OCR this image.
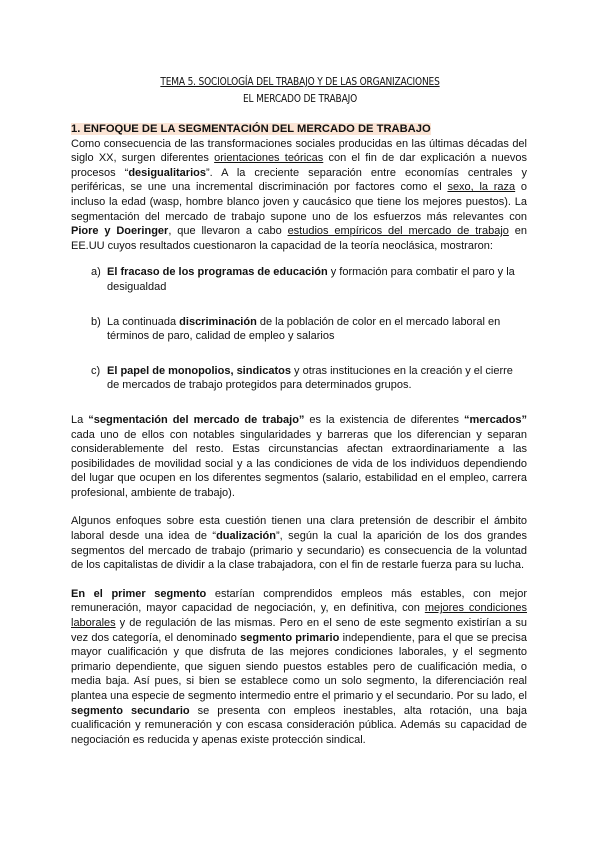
TEMA 5. SOCIOLOGÍA DEL TRABAJO Y DE LAS ORGANIZACIONES
EL MERCADO DE TRABAJO

1. ENFOQUE DE LA SEGMENTACIÓN DEL MERCADO DE TRABAJO

Como consecuencia de las transformaciones sociales producidas en las últimas décadas del siglo XX, surgen diferentes orientaciones teóricas con el fin de dar explicación a nuevos procesos “desigualitarios”. A la creciente separación entre economías centrales y periféricas, se une una incremental discriminación por factores como el sexo, la raza o incluso la edad (wasp, hombre blanco joven y caucásico que tiene los mejores puestos). La segmentación del mercado de trabajo supone uno de los esfuerzos más relevantes con Piore y Doeringer, que llevaron a cabo estudios empíricos del mercado de trabajo en EE.UU cuyos resultados cuestionaron la capacidad de la teoría neoclásica, mostraron:

a) El fracaso de los programas de educación y formación para combatir el paro y la desigualdad
b) La continuada discriminación de la población de color en el mercado laboral en términos de paro, calidad de empleo y salarios
c) El papel de monopolios, sindicatos y otras instituciones en la creación y el cierre de mercados de trabajo protegidos para determinados grupos.

La “segmentación del mercado de trabajo” es la existencia de diferentes “mercados” cada uno de ellos con notables singularidades y barreras que los diferencian y separan considerablemente del resto. Estas circunstancias afectan extraordinariamente a las posibilidades de movilidad social y a las condiciones de vida de los individuos dependiendo del lugar que ocupen en los diferentes segmentos (salario, estabilidad en el empleo, carrera profesional, ambiente de trabajo).

Algunos enfoques sobre esta cuestión tienen una clara pretensión de describir el ámbito laboral desde una idea de “dualización”, según la cual la aparición de los dos grandes segmentos del mercado de trabajo (primario y secundario) es consecuencia de la voluntad de los capitalistas de dividir a la clase trabajadora, con el fin de restarle fuerza para su lucha.

En el primer segmento estarían comprendidos empleos más estables, con mejor remuneración, mayor capacidad de negociación, y, en definitiva, con mejores condiciones laborales y de regulación de las mismas. Pero en el seno de este segmento existirían a su vez dos categoría, el denominado segmento primario independiente, para el que se precisa mayor cualificación y que disfruta de las mejores condiciones laborales, y el segmento primario dependiente, que siguen siendo puestos estables pero de cualificación media, o media baja. Así pues, si bien se establece como un solo segmento, la diferenciación real plantea una especie de segmento intermedio entre el primario y el secundario. Por su lado, el segmento secundario se presenta con empleos inestables, alta rotación, una baja cualificación y remuneración y con escasa consideración pública. Además su capacidad de negociación es reducida y apenas existe protección sindical.
